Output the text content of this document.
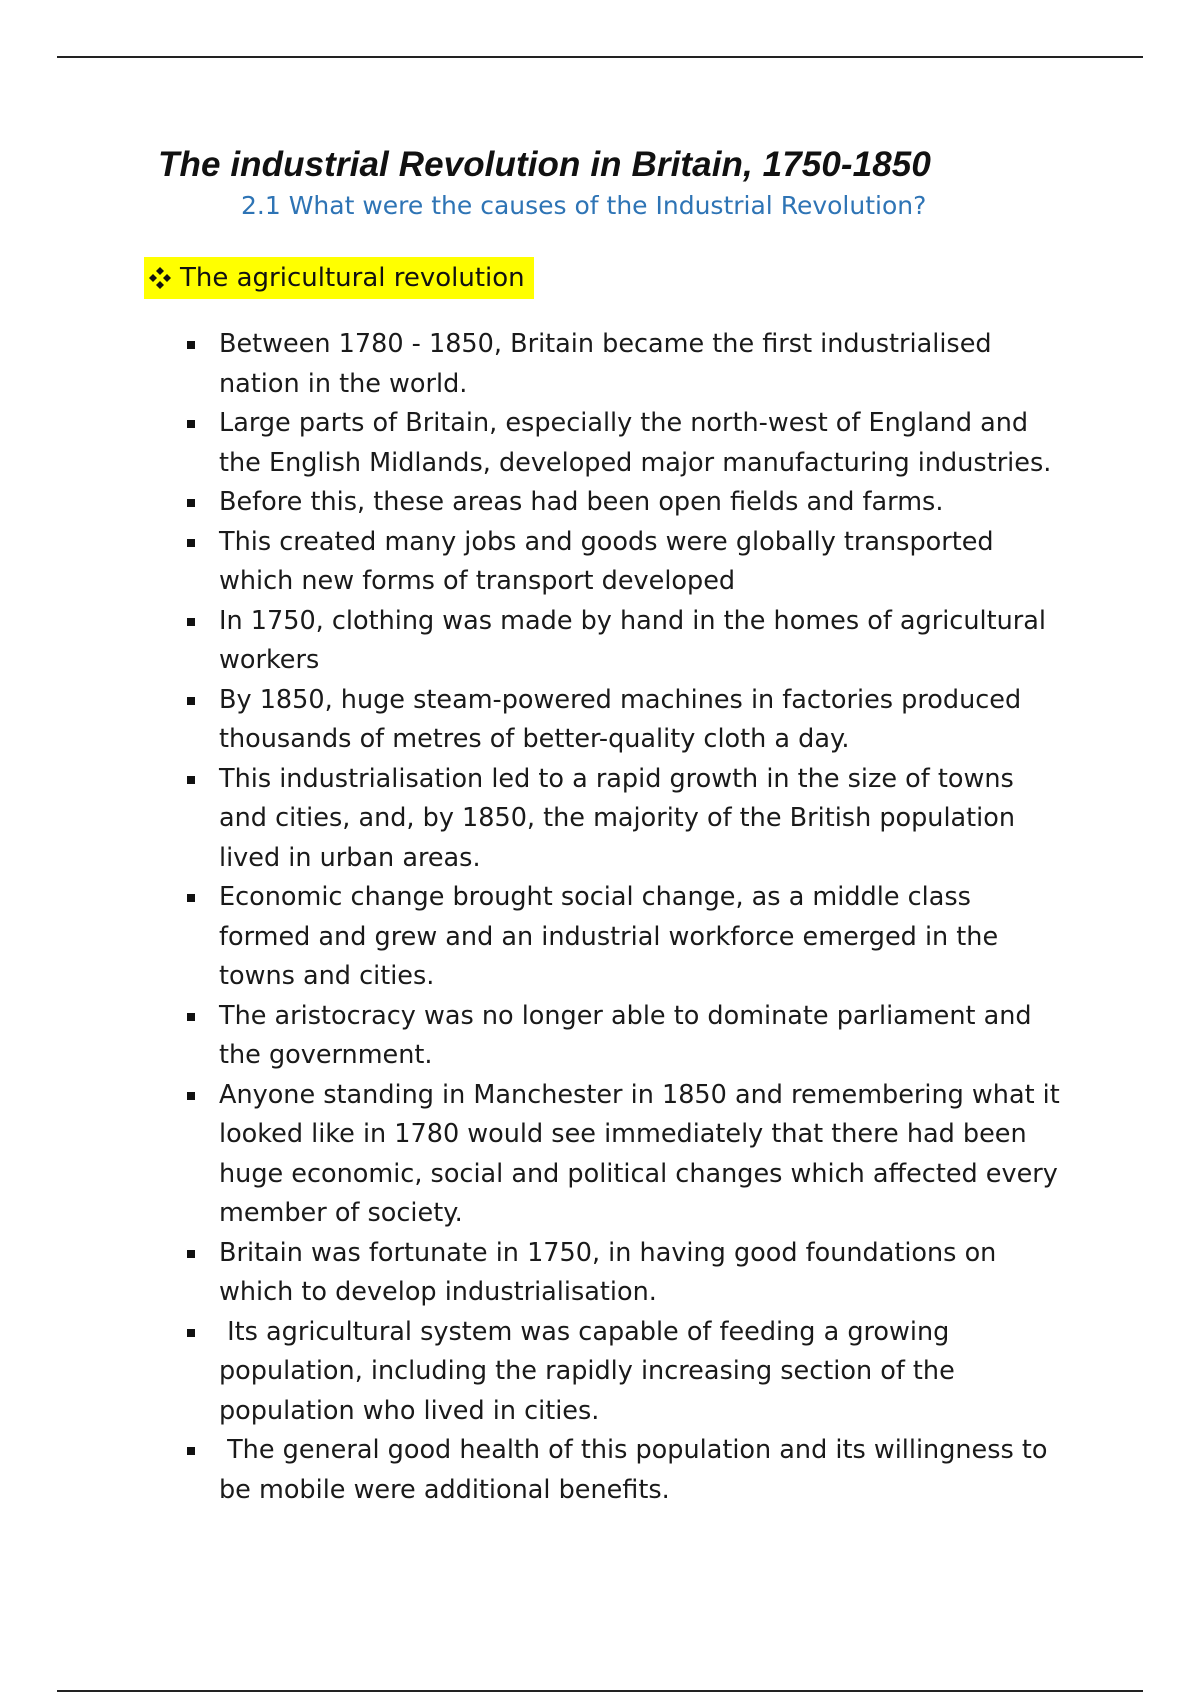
The industrial Revolution in Britain, 1750-1850
2.1 What were the causes of the Industrial Revolution?
The agricultural revolution
Between 1780 - 1850, Britain became the first industrialised nation in the world.
Large parts of Britain, especially the north-west of England and the English Midlands, developed major manufacturing industries.
Before this, these areas had been open fields and farms.
This created many jobs and goods were globally transported which new forms of transport developed
In 1750, clothing was made by hand in the homes of agricultural workers
By 1850, huge steam-powered machines in factories produced thousands of metres of better-quality cloth a day.
This industrialisation led to a rapid growth in the size of towns and cities, and, by 1850, the majority of the British population lived in urban areas.
Economic change brought social change, as a middle class formed and grew and an industrial workforce emerged in the towns and cities.
The aristocracy was no longer able to dominate parliament and the government.
Anyone standing in Manchester in 1850 and remembering what it looked like in 1780 would see immediately that there had been huge economic, social and political changes which affected every member of society.
Britain was fortunate in 1750, in having good foundations on which to develop industrialisation.
Its agricultural system was capable of feeding a growing population, including the rapidly increasing section of the population who lived in cities.
The general good health of this population and its willingness to be mobile were additional benefits.
